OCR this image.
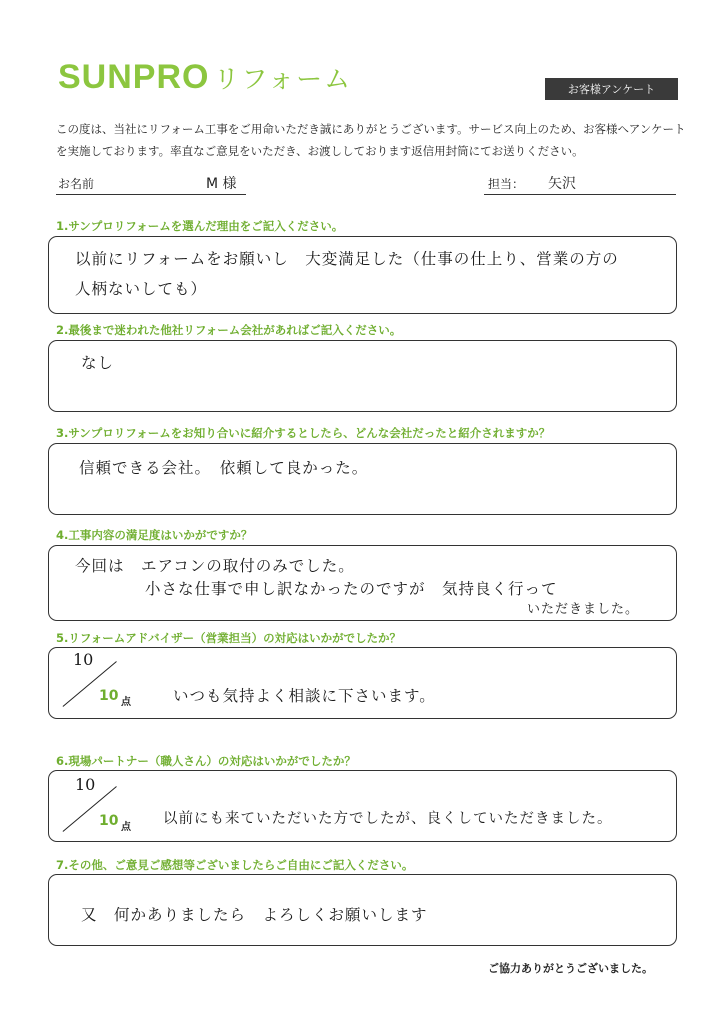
SUNPRO リフォーム	お客様アンケート
この度は、当社にリフォーム工事をご用命いただき誠にありがとうございます。サービス向上のため、お客様へアンケートを実施しております。率直なご意見をいただき、お渡ししております返信用封筒にてお送りください。
お名前	M 様	担当： 矢沢
1.サンプロリフォームを選んだ理由をご記入ください。
以前にリフォームをお願いし　大変満足した（仕事の仕上り、営業の方の
人柄ないしても）
2.最後まで迷われた他社リフォーム会社があればご記入ください。
なし
3.サンプロリフォームをお知り合いに紹介するとしたら、どんな会社だったと紹介されますか？
信頼できる会社。　依頼して良かった。
4.工事内容の満足度はいかがですか？
今回は　エアコンの取付のみでした。
小さな仕事で申し訳なかったのですが　気持良く行って
いただきました。
5.リフォームアドバイザー（営業担当）の対応はいかがでしたか？
10
10 点	いつも気持よく相談に下さいます。
6.現場パートナー（職人さん）の対応はいかがでしたか？
10
10 点
以前にも来ていただいた方でしたが、良くしていただきました。
7.その他、ご意見ご感想等ございましたらご自由にご記入ください。
又　何かありましたら　よろしくお願いします
ご協力ありがとうございました。
